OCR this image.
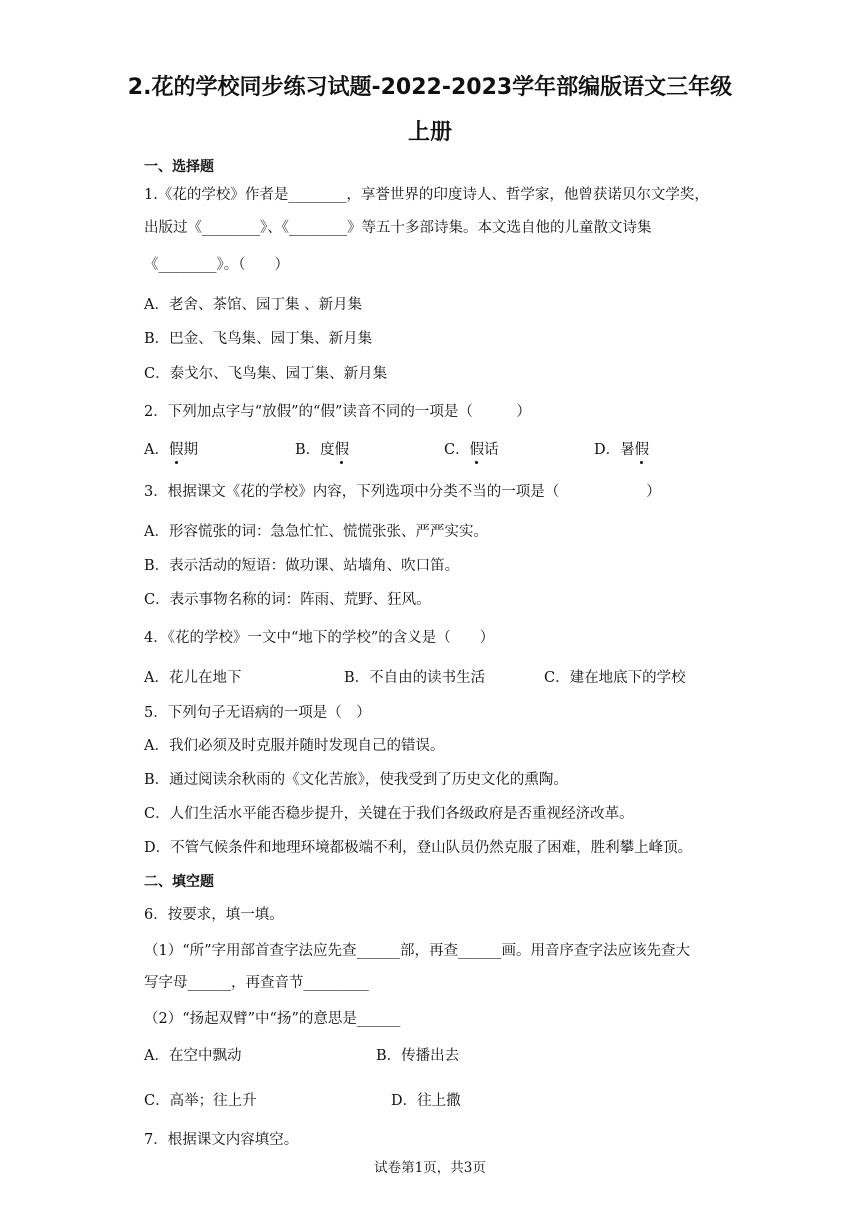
2.花的学校同步练习试题-2022-2023学年部编版语文三年级
上册
一、选择题
1.《花的学校》作者是________，享誉世界的印度诗人、哲学家，他曾获诺贝尔文学奖，
出版过《________》、《________》等五十多部诗集。本文选自他的儿童散文诗集
《________》。（　　）
A．老舍、茶馆、园丁集 、新月集
B．巴金、飞鸟集、园丁集、新月集
C．泰戈尔、飞鸟集、园丁集、新月集
2．下列加点字与“放假”的“假”读音不同的一项是（　　　）
A．假期	B．度假	C．假话	D．暑假
3．根据课文《花的学校》内容，下列选项中分类不当的一项是（　　　　　　）
A．形容慌张的词：急急忙忙、慌慌张张、严严实实。
B．表示活动的短语：做功课、站墙角、吹口笛。
C．表示事物名称的词：阵雨、荒野、狂风。
4．《花的学校》一文中“地下的学校”的含义是（　　）
A．花儿在地下	B．不自由的读书生活	C．建在地底下的学校
5．下列句子无语病的一项是（　）
A．我们必须及时克服并随时发现自己的错误。
B．通过阅读余秋雨的《文化苦旅》，使我受到了历史文化的熏陶。
C．人们生活水平能否稳步提升，关键在于我们各级政府是否重视经济改革。
D．不管气候条件和地理环境都极端不利，登山队员仍然克服了困难，胜利攀上峰顶。
二、填空题
6．按要求，填一填。
（1）“所”字用部首查字法应先查______部，再查______画。用音序查字法应该先查大
写字母______，再查音节_________
（2）“扬起双臂”中“扬”的意思是______
A．在空中飘动	B．传播出去
C．高举；往上升	D．往上撒
7．根据课文内容填空。
试卷第1页，共3页
